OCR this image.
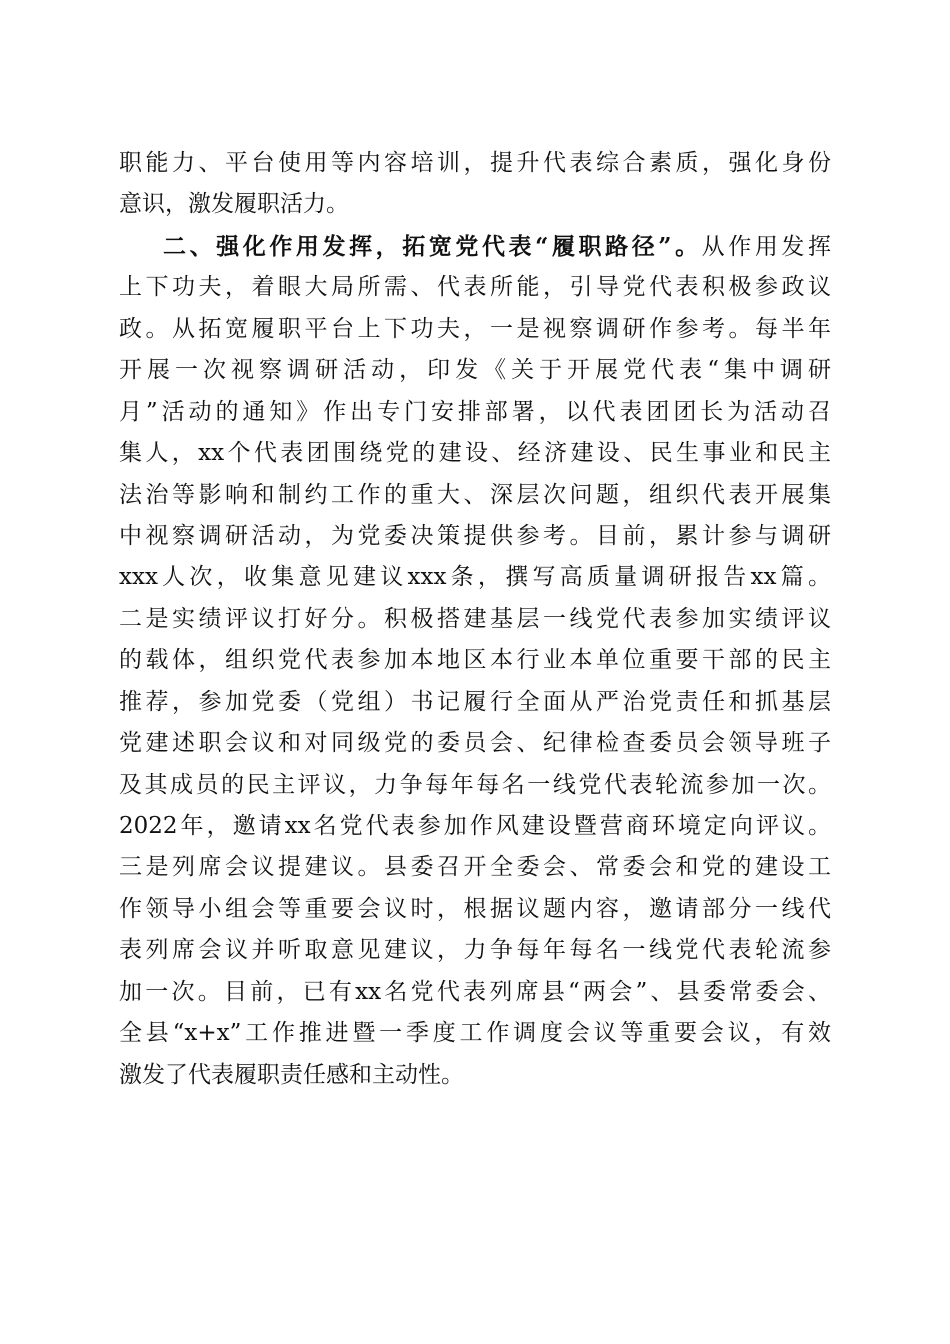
职能力、平台使用等内容培训，提升代表综合素质，强化身份
意识，激发履职活力。
二、强化作用发挥，拓宽党代表“履职路径”。从作用发挥
上下功夫，着眼大局所需、代表所能，引导党代表积极参政议
政。从拓宽履职平台上下功夫，一是视察调研作参考。每半年
开展一次视察调研活动，印发《关于开展党代表“集中调研
月”活动的通知》作出专门安排部署，以代表团团长为活动召
集人，xx个代表团围绕党的建设、经济建设、民生事业和民主
法治等影响和制约工作的重大、深层次问题，组织代表开展集
中视察调研活动，为党委决策提供参考。目前，累计参与调研
xxx人次，收集意见建议xxx条，撰写高质量调研报告xx篇。
二是实绩评议打好分。积极搭建基层一线党代表参加实绩评议
的载体，组织党代表参加本地区本行业本单位重要干部的民主
推荐，参加党委（党组）书记履行全面从严治党责任和抓基层
党建述职会议和对同级党的委员会、纪律检查委员会领导班子
及其成员的民主评议，力争每年每名一线党代表轮流参加一次。
2022年，邀请xx名党代表参加作风建设暨营商环境定向评议。
三是列席会议提建议。县委召开全委会、常委会和党的建设工
作领导小组会等重要会议时，根据议题内容，邀请部分一线代
表列席会议并听取意见建议，力争每年每名一线党代表轮流参
加一次。目前，已有xx名党代表列席县“两会”、县委常委会、
全县“x+x”工作推进暨一季度工作调度会议等重要会议，有效
激发了代表履职责任感和主动性。
